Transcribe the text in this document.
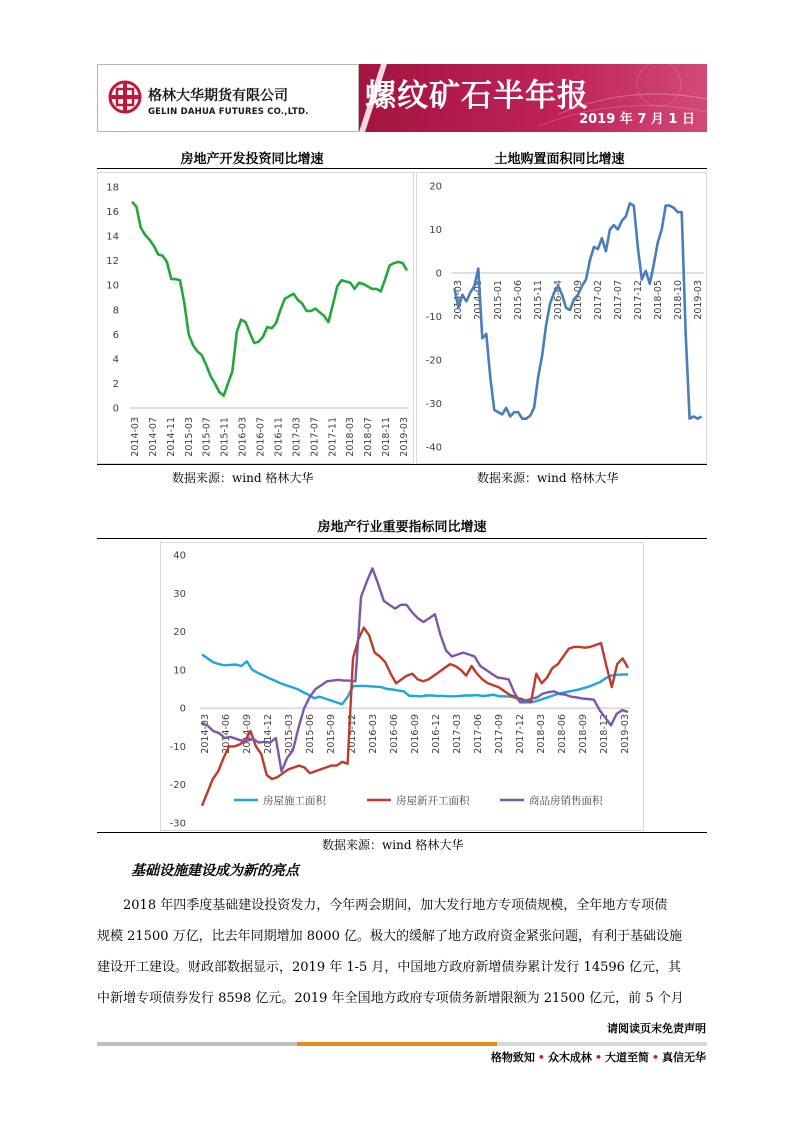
格林大华期货有限公司
GELIN DAHUA FUTURES CO.,LTD. 螺纹矿石半年报
2019 年 7 月 1 日
房地产开发投资同比增速	土地购置面积同比增速
0
2
4
6
8
10
12
14
16
18
2014-03 2014-07 2014-11 2015-03 2015-07 2015-11 2016-03 2016-07 2016-11 2017-03 2017-07 2017-11 2018-03 2018-07 2018-11 2019-03 -40
-30
-20
-10
0
10
20
2014-03 2014-08 2015-01 2015-06 2015-11 2016-04 2016-09 2017-02 2017-07 2017-12 2018-05 2018-10 2019-03
数据来源：wind 格林大华	数据来源：wind 格林大华
房地产行业重要指标同比增速
-30
-20
-10
0
10
20
30
40
2014-03 2014-06 2014-09 2014-12 2015-03 2015-06 2015-09 2015-12 2016-03 2016-06 2016-09 2016-12 2017-03 2017-06 2017-09 2017-12 2018-03 2018-06 2018-09 2018-12 2019-03
房屋施工面积	房屋新开工面积	商品房销售面积
数据来源：wind 格林大华
基础设施建设成为新的亮点
2018 年四季度基础建设投资发力，今年两会期间，加大发行地方专项债规模，全年地方专项债
规模 21500 万亿，比去年同期增加 8000 亿。极大的缓解了地方政府资金紧张问题，有利于基础设施
建设开工建设。财政部数据显示，2019 年 1-5 月，中国地方政府新增债券累计发行 14596 亿元，其
中新增专项债券发行 8598 亿元。2019 年全国地方政府专项债务新增限额为 21500 亿元，前 5 个月
请阅读页末免责声明
格物致知 • 众木成林 • 大道至简 • 真信无华
